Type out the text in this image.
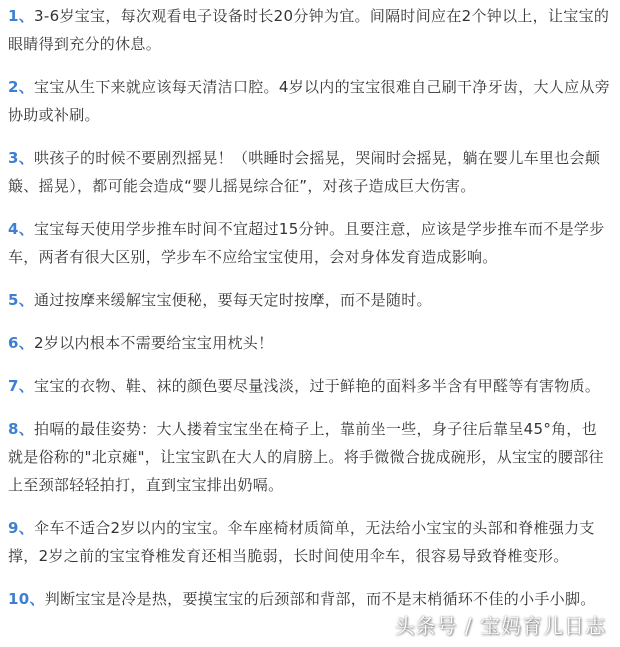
1、3-6岁宝宝，每次观看电子设备时长20分钟为宜。间隔时间应在2个钟以上，让宝宝的眼睛得到充分的休息。

2、宝宝从生下来就应该每天清洁口腔。4岁以内的宝宝很难自己刷干净牙齿，大人应从旁协助或补刷。

3、哄孩子的时候不要剧烈摇晃！（哄睡时会摇晃，哭闹时会摇晃，躺在婴儿车里也会颠簸、摇晃），都可能会造成“婴儿摇晃综合征”，对孩子造成巨大伤害。

4、宝宝每天使用学步推车时间不宜超过15分钟。且要注意，应该是学步推车而不是学步车，两者有很大区别，学步车不应给宝宝使用，会对身体发育造成影响。

5、通过按摩来缓解宝宝便秘，要每天定时按摩，而不是随时。

6、2岁以内根本不需要给宝宝用枕头！

7、宝宝的衣物、鞋、袜的颜色要尽量浅淡，过于鲜艳的面料多半含有甲醛等有害物质。

8、拍嗝的最佳姿势：大人搂着宝宝坐在椅子上，靠前坐一些，身子往后靠呈45°角，也就是俗称的"北京瘫"，让宝宝趴在大人的肩膀上。将手微微合拢成碗形，从宝宝的腰部往上至颈部轻轻拍打，直到宝宝排出奶嗝。

9、伞车不适合2岁以内的宝宝。伞车座椅材质简单，无法给小宝宝的头部和脊椎强力支撑，2岁之前的宝宝脊椎发育还相当脆弱，长时间使用伞车，很容易导致脊椎变形。

10、判断宝宝是冷是热，要摸宝宝的后颈部和背部，而不是末梢循环不佳的小手小脚。

头条号 / 宝妈育儿日志
